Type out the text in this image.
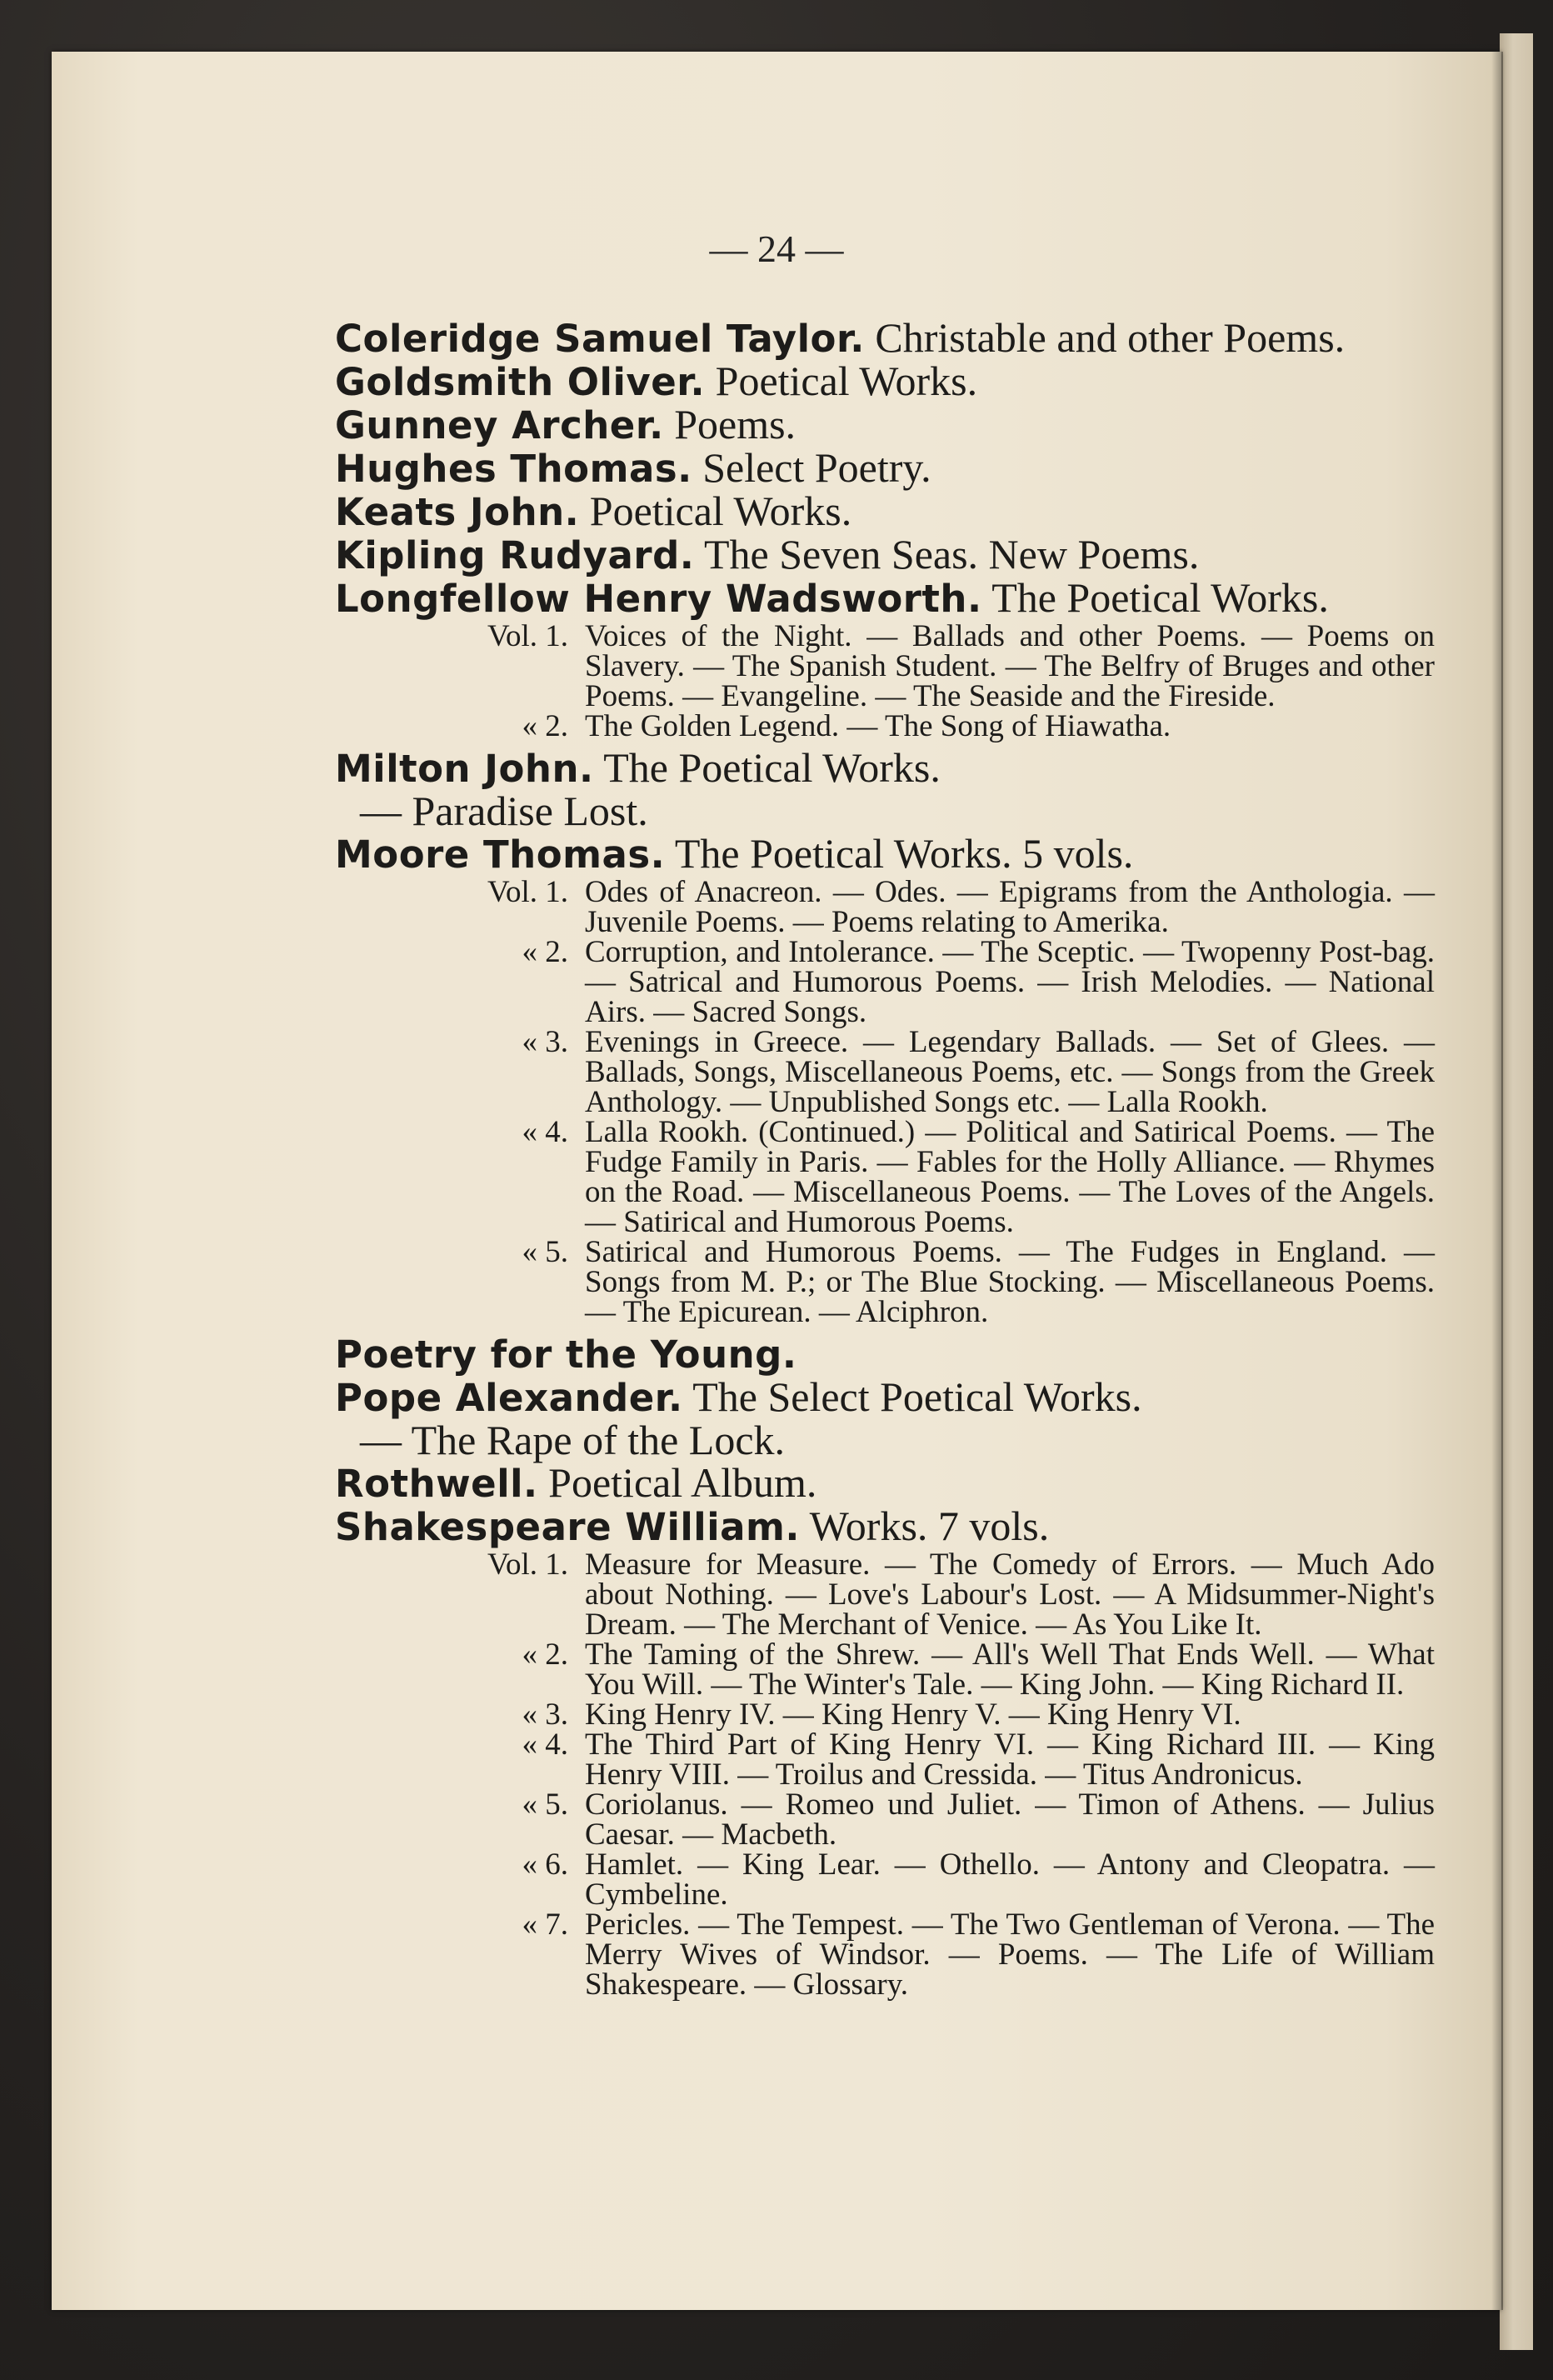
— 24 —
Coleridge Samuel Taylor. Christable and other Poems.
Goldsmith Oliver. Poetical Works.
Gunney Archer. Poems.
Hughes Thomas. Select Poetry.
Keats John. Poetical Works.
Kipling Rudyard. The Seven Seas. New Poems.
Longfellow Henry Wadsworth. The Poetical Works.
Vol. 1. Voices of the Night. — Ballads and other Poems. — Poems on Slavery. — The Spanish Student. — The Belfry of Bruges and other Poems. — Evangeline. — The Seaside and the Fireside.
« 2. The Golden Legend. — The Song of Hiawatha.
Milton John. The Poetical Works.
— Paradise Lost.
Moore Thomas. The Poetical Works. 5 vols.
Vol. 1. Odes of Anacreon. — Odes. — Epigrams from the Anthologia. — Juvenile Poems. — Poems relating to Amerika.
« 2. Corruption, and Intolerance. — The Sceptic. — Twopenny Post-bag. — Satrical and Humorous Poems. — Irish Melodies. — National Airs. — Sacred Songs.
« 3. Evenings in Greece. — Legendary Ballads. — Set of Glees. — Ballads, Songs, Miscellaneous Poems, etc. — Songs from the Greek Anthology. — Unpublished Songs etc. — Lalla Rookh.
« 4. Lalla Rookh. (Continued.) — Political and Satirical Poems. — The Fudge Family in Paris. — Fables for the Holly Alliance. — Rhymes on the Road. — Miscellaneous Poems. — The Loves of the Angels. — Satirical and Humorous Poems.
« 5. Satirical and Humorous Poems. — The Fudges in England. — Songs from M. P.; or The Blue Stocking. — Miscellaneous Poems. — The Epicurean. — Alciphron.
Poetry for the Young.
Pope Alexander. The Select Poetical Works.
— The Rape of the Lock.
Rothwell. Poetical Album.
Shakespeare William. Works. 7 vols.
Vol. 1. Measure for Measure. — The Comedy of Errors. — Much Ado about Nothing. — Love's Labour's Lost. — A Midsummer-Night's Dream. — The Merchant of Venice. — As You Like It.
« 2. The Taming of the Shrew. — All's Well That Ends Well. — What You Will. — The Winter's Tale. — King John. — King Richard II.
« 3. King Henry IV. — King Henry V. — King Henry VI.
« 4. The Third Part of King Henry VI. — King Richard III. — King Henry VIII. — Troilus and Cressida. — Titus Andronicus.
« 5. Coriolanus. — Romeo und Juliet. — Timon of Athens. — Julius Caesar. — Macbeth.
« 6. Hamlet. — King Lear. — Othello. — Antony and Cleopatra. — Cymbeline.
« 7. Pericles. — The Tempest. — The Two Gentleman of Verona. — The Merry Wives of Windsor. — Poems. — The Life of William Shakespeare. — Glossary.
